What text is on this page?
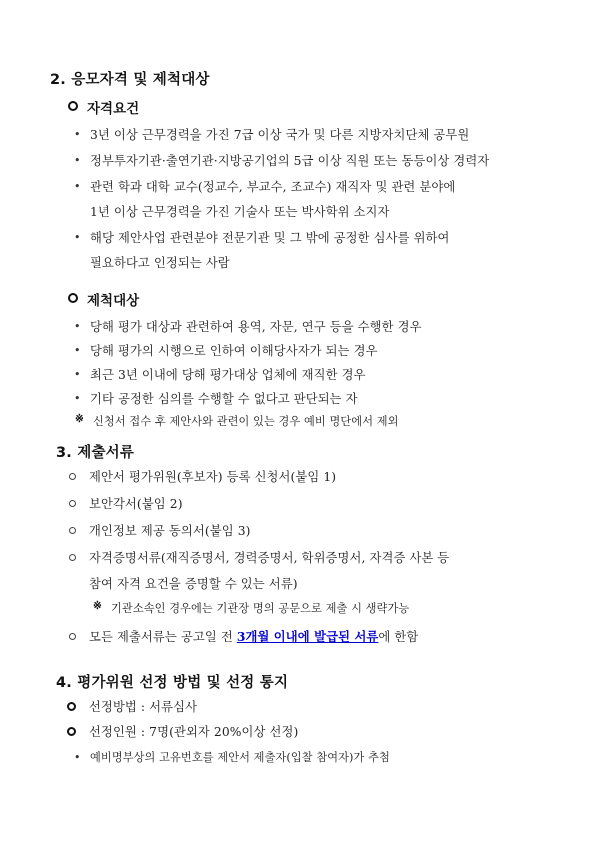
2. 응모자격 및 제척대상
자격요건
• 3년 이상 근무경력을 가진 7급 이상 국가 및 다른 지방자치단체 공무원
• 정부투자기관·출연기관·지방공기업의 5급 이상 직원 또는 동등이상 경력자
• 관련 학과 대학 교수(정교수, 부교수, 조교수) 재직자 및 관련 분야에
1년 이상 근무경력을 가진 기술사 또는 박사학위 소지자
• 해당 제안사업 관련분야 전문기관 및 그 밖에 공정한 심사를 위하여
필요하다고 인정되는 사람
제척대상
• 당해 평가 대상과 관련하여 용역, 자문, 연구 등을 수행한 경우
• 당해 평가의 시행으로 인하여 이해당사자가 되는 경우
• 최근 3년 이내에 당해 평가대상 업체에 재직한 경우
• 기타 공정한 심의를 수행할 수 없다고 판단되는 자
※ 신청서 접수 후 제안사와 관련이 있는 경우 예비 명단에서 제외
3. 제출서류
제안서 평가위원(후보자) 등록 신청서(붙임 1)
보안각서(붙임 2)
개인정보 제공 동의서(붙임 3)
자격증명서류(재직증명서, 경력증명서, 학위증명서, 자격증 사본 등
참여 자격 요건을 증명할 수 있는 서류)
※ 기관소속인 경우에는 기관장 명의 공문으로 제출 시 생략가능
모든 제출서류는 공고일 전 3개월 이내에 발급된 서류에 한함
4. 평가위원 선정 방법 및 선정 통지
선정방법 : 서류심사
선정인원 : 7명(관외자 20%이상 선정)
• 예비명부상의 고유번호를 제안서 제출자(입찰 참여자)가 추첨
